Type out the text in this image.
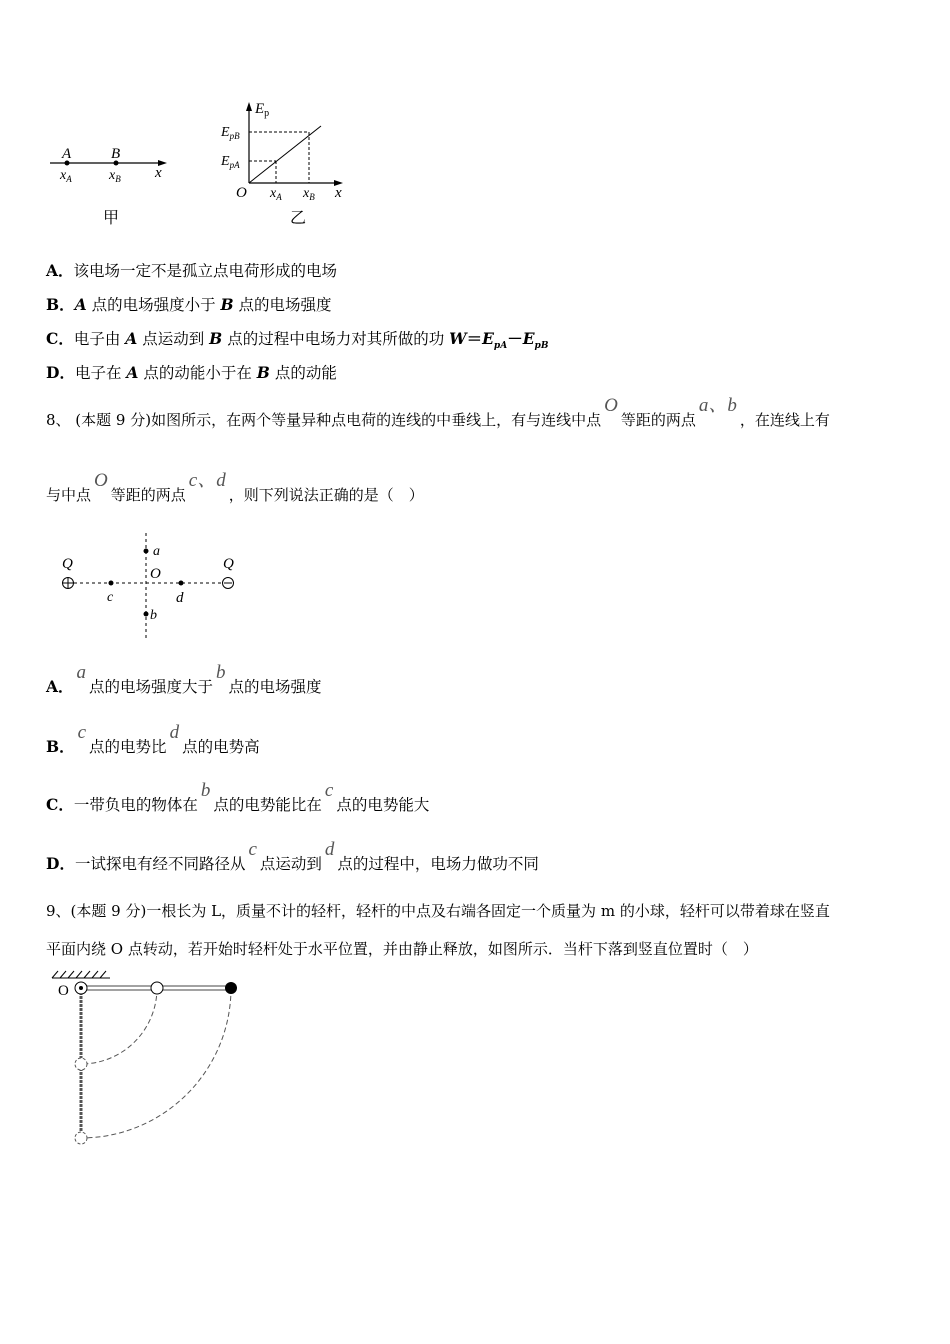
A	B
$x_A$	$x_B$ x
甲
$E_p$
$E_{pB}$
$E_{pA}$
O $x_A$ $x_B$ x
乙
A．该电场一定不是孤立点电荷形成的电场
B．A 点的电场强度小于 B 点的电场强度
C．电子由 A 点运动到 B 点的过程中电场力对其所做的功 $W=E_{pA}-E_{pB}$
D．电子在 A 点的动能小于在 B 点的动能
8、 (本题 9 分)如图所示，在两个等量异种点电荷的连线的中垂线上，有与连线中点O等距的两点a、b，在连线上有
与中点O等距的两点c、d，则下列说法正确的是（　）
Q	Q
a
O
c	d
b
A．a点的电场强度大于b点的电场强度
B．c点的电势比d点的电势高
C．一带负电的物体在b点的电势能比在c点的电势能大
D．一试探电有经不同路径从c点运动到d点的过程中，电场力做功不同
9、(本题 9 分)一根长为 L，质量不计的轻杆，轻杆的中点及右端各固定一个质量为 m 的小球，轻杆可以带着球在竖直
平面内绕 O 点转动，若开始时轻杆处于水平位置，并由静止释放，如图所示．当杆下落到竖直位置时（　）
O
